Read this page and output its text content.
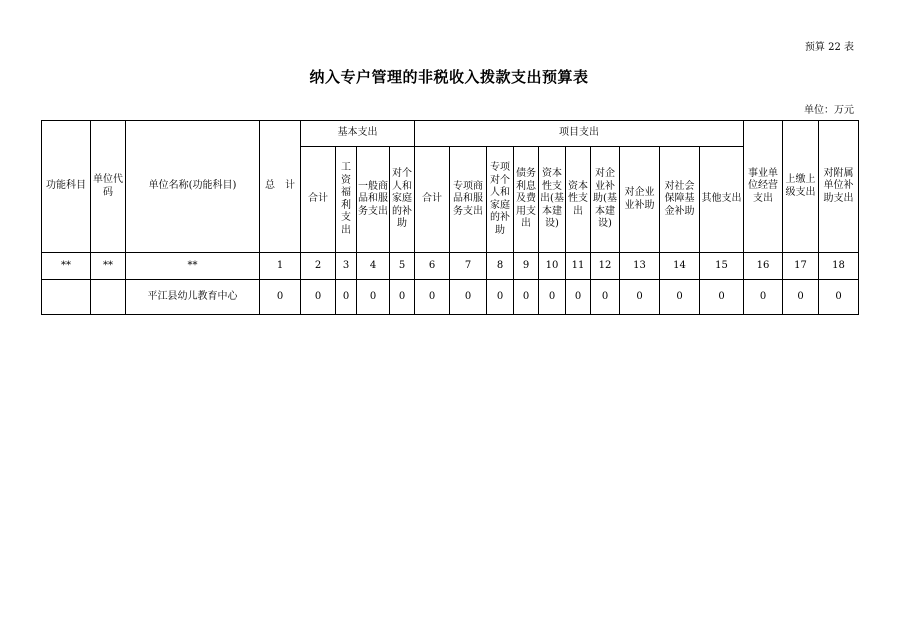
预算 22 表
纳入专户管理的非税收入拨款支出预算表
单位：万元
功能科目	单位代码	单位名称(功能科目)	总　计	基本支出				项目支出										事业单位经营支出	上缴上级支出	对附属单位补助支出
				合计	工资福利支出	一般商品和服务支出	对个人和家庭的补助	合计	专项商品和服务支出	专项对个人和家庭的补助	债务利息及费用支出	资本性支出(基本建设)	资本性支出	对企业补助(基本建设)	对企业业补助	对社会保障基金补助	其他支出			
**	**	**	1	2	3	4	5	6	7	8	9	10	11	12	13	14	15	16	17	18
		平江县幼儿教育中心	0	0	0	0	0	0	0	0	0	0	0	0	0	0	0	0	0	0
